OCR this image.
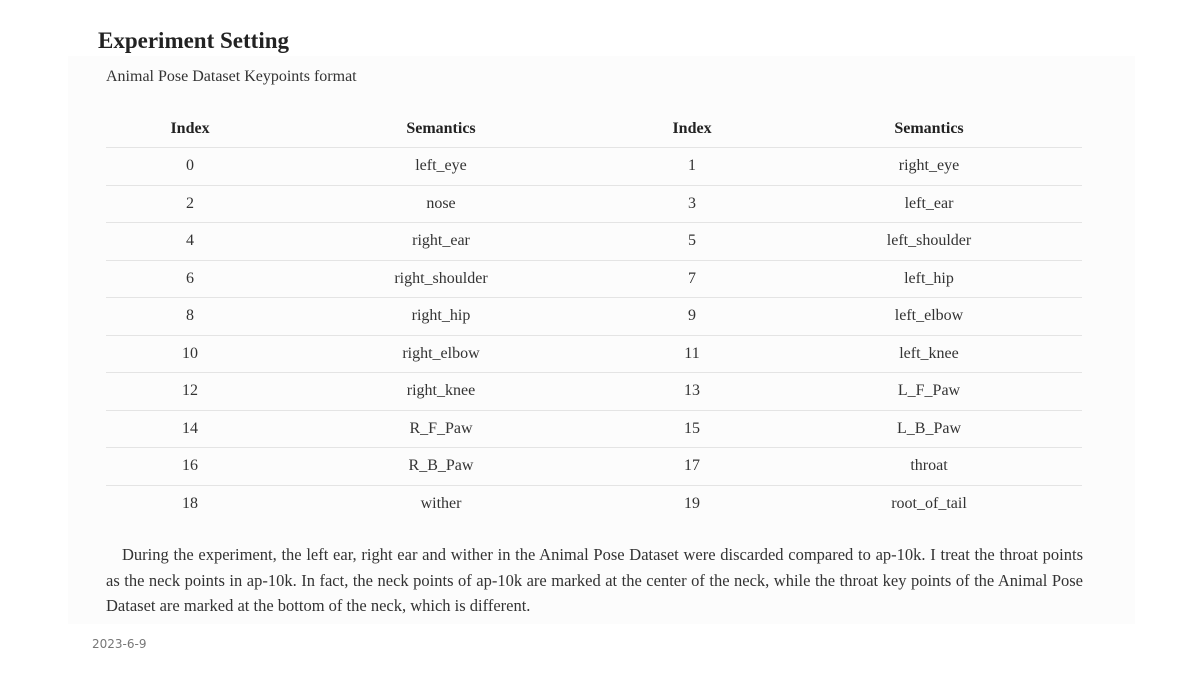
Experiment Setting
Animal Pose Dataset Keypoints format
Index	Semantics	Index	Semantics
0	left_eye	1	right_eye
2	nose	3	left_ear
4	right_ear	5	left_shoulder
6	right_shoulder	7	left_hip
8	right_hip	9	left_elbow
10	right_elbow	11	left_knee
12	right_knee	13	L_F_Paw
14	R_F_Paw	15	L_B_Paw
16	R_B_Paw	17	throat
18	wither	19	root_of_tail

During the experiment, the left ear, right ear and wither in the Animal Pose Dataset were discarded compared to ap-10k. I treat the throat points as the neck points in ap-10k. In fact, the neck points of ap-10k are marked at the center of the neck, while the throat key points of the Animal Pose Dataset are marked at the bottom of the neck, which is different.

2023-6-9
